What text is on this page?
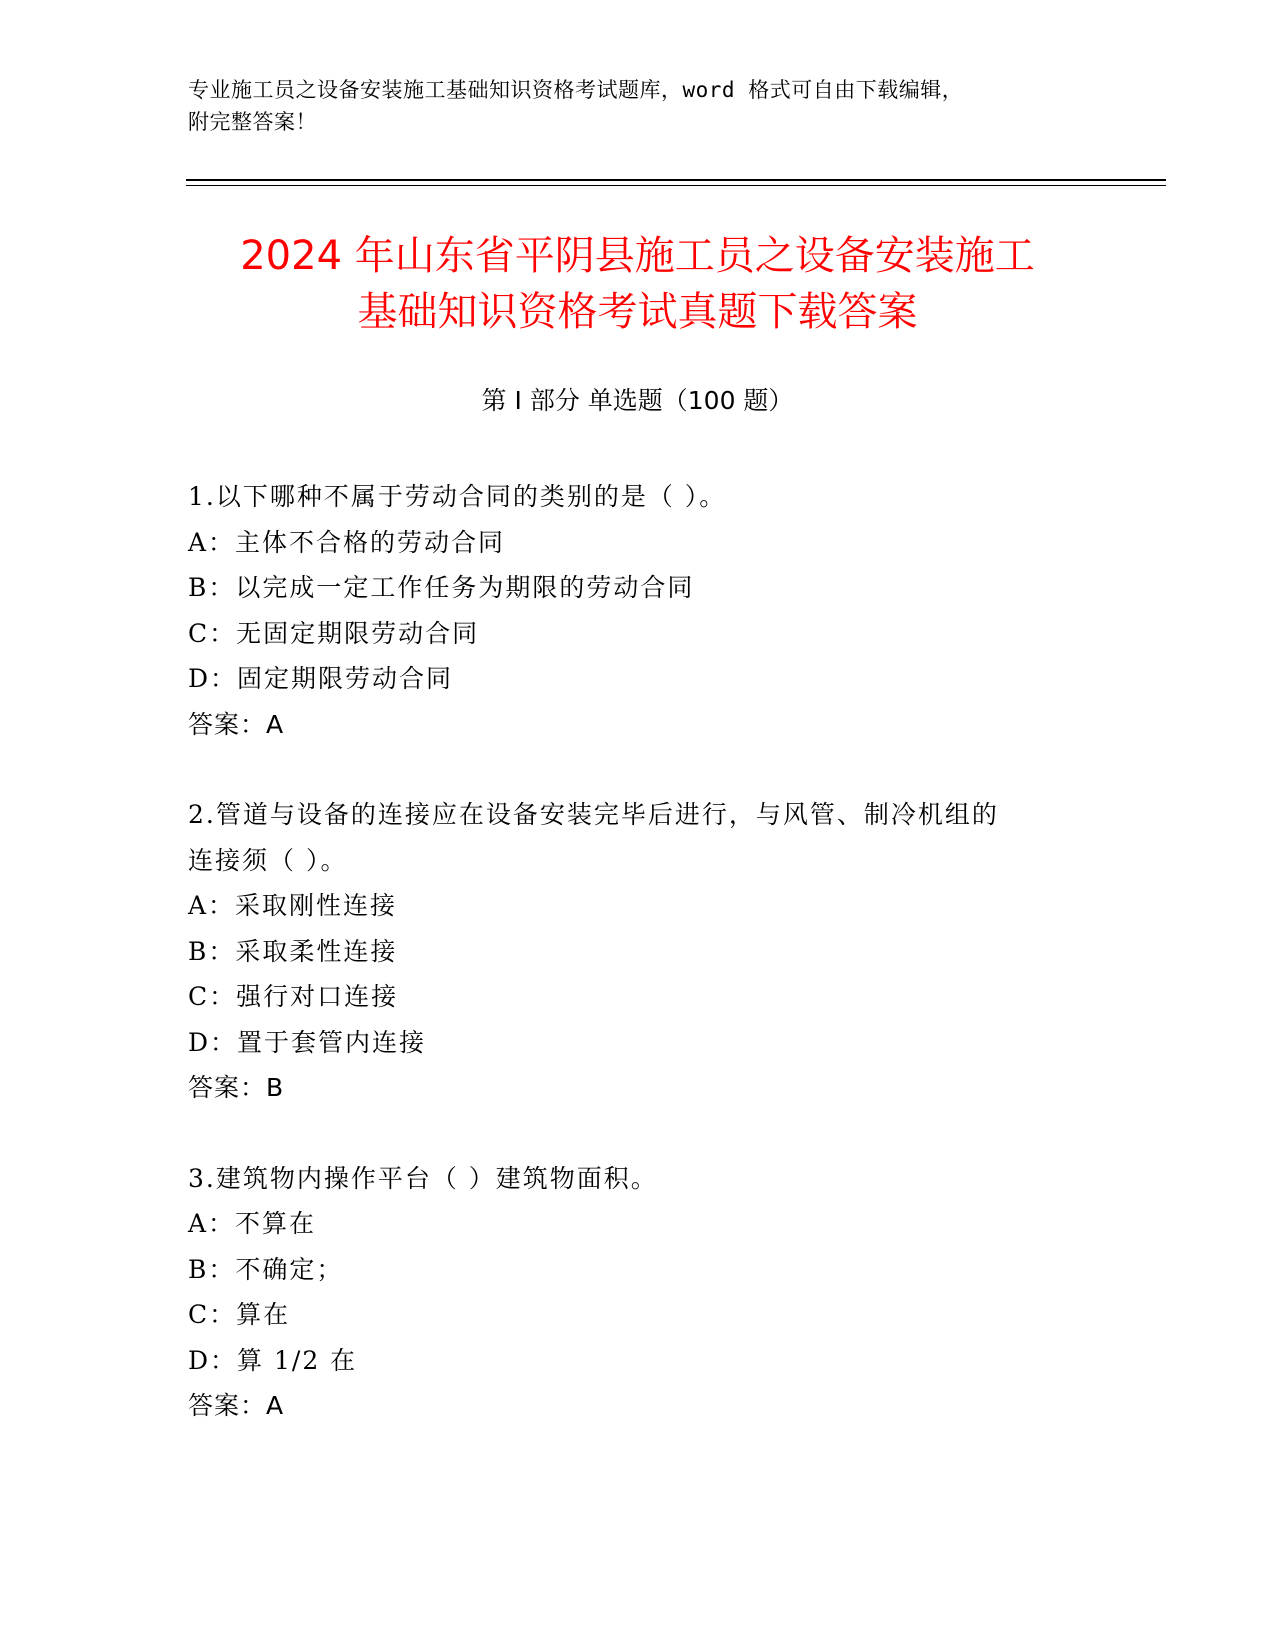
专业施工员之设备安装施工基础知识资格考试题库，word 格式可自由下载编辑，
附完整答案！
2024 年山东省平阴县施工员之设备安装施工
基础知识资格考试真题下载答案
第 I 部分 单选题（100 题）

1.以下哪种不属于劳动合同的类别的是（ ）。

A：主体不合格的劳动合同

B：以完成一定工作任务为期限的劳动合同

C：无固定期限劳动合同

D：固定期限劳动合同

答案：A

2.管道与设备的连接应在设备安装完毕后进行，与风管、制冷机组的

连接须（ ）。

A：采取刚性连接

B：采取柔性连接

C：强行对口连接

D：置于套管内连接

答案：B

3.建筑物内操作平台（ ）建筑物面积。

A：不算在

B：不确定；

C：算在

D：算 1/2 在

答案：A
